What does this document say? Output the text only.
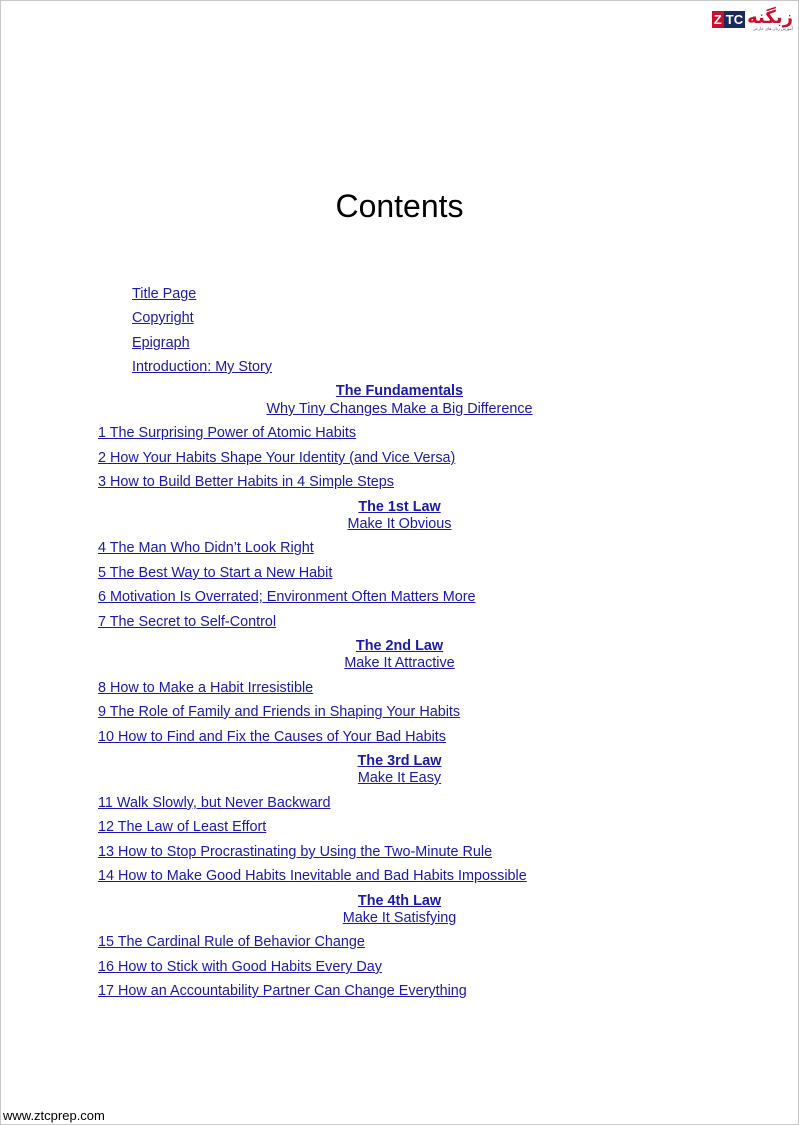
Z TC زبگنه
آموزش زبان های خارجی
Contents
Title Page
Copyright
Epigraph
Introduction: My Story
The Fundamentals
Why Tiny Changes Make a Big Difference
1 The Surprising Power of Atomic Habits
2 How Your Habits Shape Your Identity (and Vice Versa)
3 How to Build Better Habits in 4 Simple Steps
The 1st Law
Make It Obvious
4 The Man Who Didn’t Look Right
5 The Best Way to Start a New Habit
6 Motivation Is Overrated; Environment Often Matters More
7 The Secret to Self-Control
The 2nd Law
Make It Attractive
8 How to Make a Habit Irresistible
9 The Role of Family and Friends in Shaping Your Habits
10 How to Find and Fix the Causes of Your Bad Habits
The 3rd Law
Make It Easy
11 Walk Slowly, but Never Backward
12 The Law of Least Effort
13 How to Stop Procrastinating by Using the Two-Minute Rule
14 How to Make Good Habits Inevitable and Bad Habits Impossible
The 4th Law
Make It Satisfying
15 The Cardinal Rule of Behavior Change
16 How to Stick with Good Habits Every Day
17 How an Accountability Partner Can Change Everything
www.ztcprep.com
